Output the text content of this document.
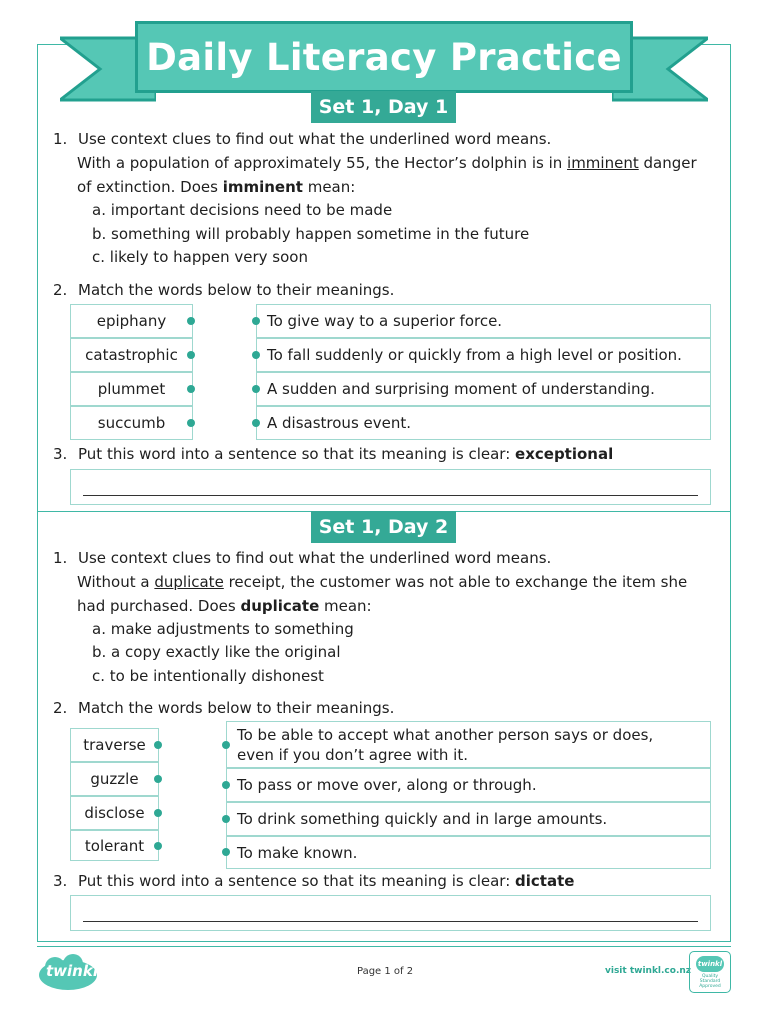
Daily Literacy Practice
Set 1, Day 1
1. Use context clues to find out what the underlined word means.
With a population of approximately 55, the Hector’s dolphin is in imminent danger
of extinction. Does imminent mean:
a. important decisions need to be made
b. something will probably happen sometime in the future
c. likely to happen very soon
2. Match the words below to their meanings.
epiphany
catastrophic
plummet
succumb
To give way to a superior force.
To fall suddenly or quickly from a high level or position.
A sudden and surprising moment of understanding.
A disastrous event.
3. Put this word into a sentence so that its meaning is clear: exceptional
Set 1, Day 2
1. Use context clues to find out what the underlined word means.
Without a duplicate receipt, the customer was not able to exchange the item she
had purchased. Does duplicate mean:
a. make adjustments to something
b. a copy exactly like the original
c. to be intentionally dishonest
2. Match the words below to their meanings.
traverse
guzzle
disclose
tolerant
To be able to accept what another person says or does, even if you don’t agree with it.
To pass or move over, along or through.
To drink something quickly and in large amounts.
To make known.
3. Put this word into a sentence so that its meaning is clear: dictate
twinkl	Page 1 of 2	visit twinkl.co.nz
twinkl
Quality Standard Approved
